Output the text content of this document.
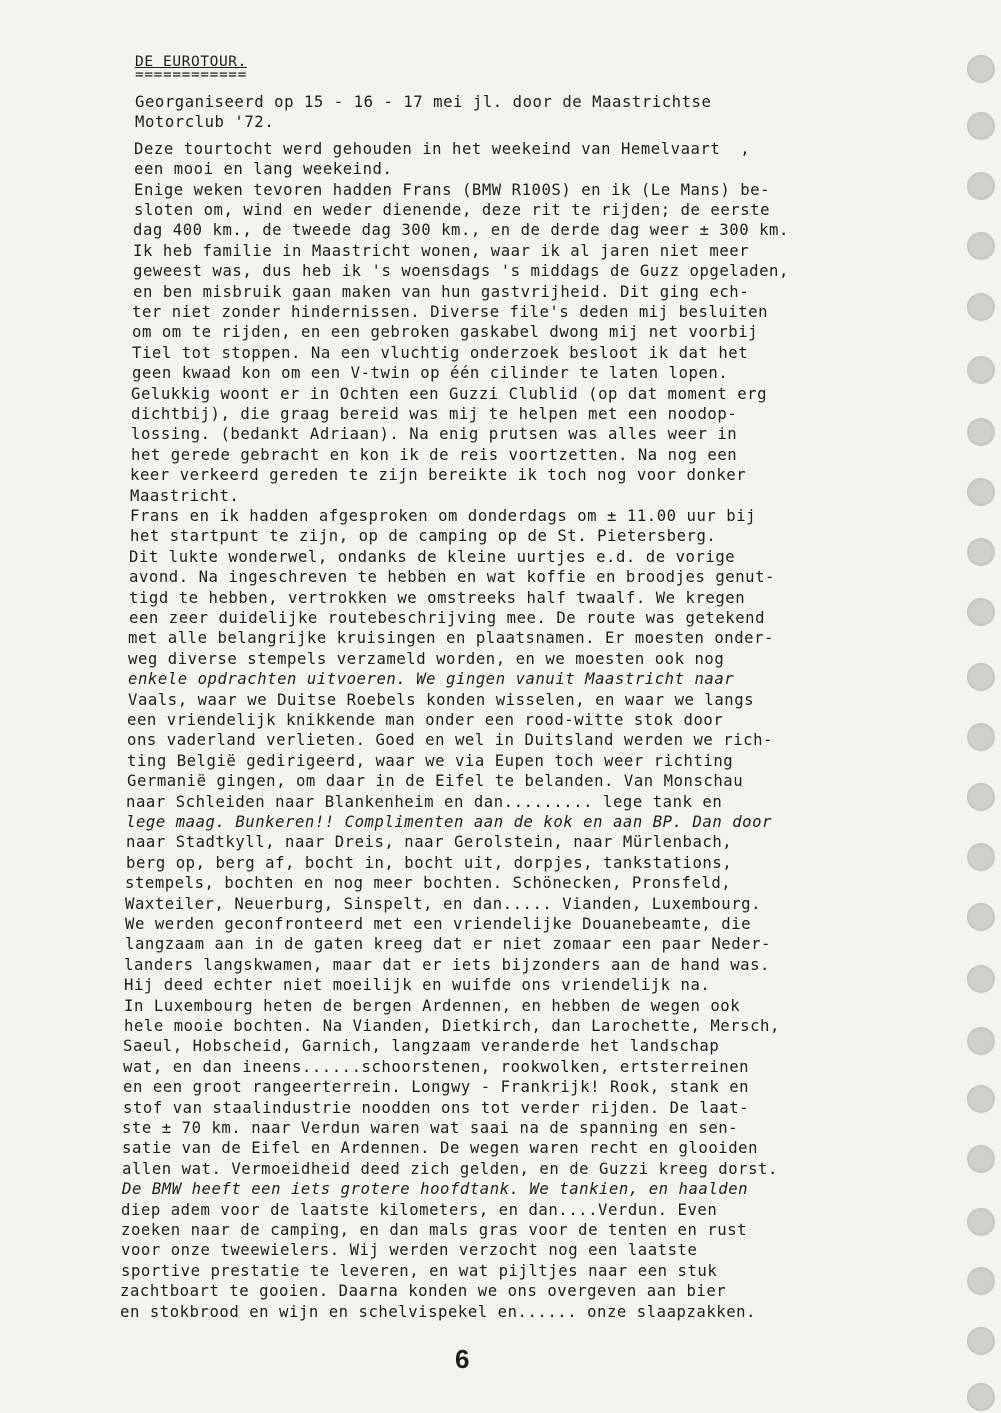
DE EUROTOUR.
============
Georganiseerd op 15 - 16 - 17 mei jl. door de Maastrichtse
Motorclub '72.
Deze tourtocht werd gehouden in het weekeind van Hemelvaart  ,
een mooi en lang weekeind.
Enige weken tevoren hadden Frans (BMW R100S) en ik (Le Mans) be-
sloten om, wind en weder dienende, deze rit te rijden; de eerste
dag 400 km., de tweede dag 300 km., en de derde dag weer ± 300 km.
Ik heb familie in Maastricht wonen, waar ik al jaren niet meer
geweest was, dus heb ik 's woensdags 's middags de Guzz opgeladen,
en ben misbruik gaan maken van hun gastvrijheid. Dit ging ech-
ter niet zonder hindernissen. Diverse file's deden mij besluiten
om om te rijden, en een gebroken gaskabel dwong mij net voorbij
Tiel tot stoppen. Na een vluchtig onderzoek besloot ik dat het
geen kwaad kon om een V-twin op één cilinder te laten lopen.
Gelukkig woont er in Ochten een Guzzi Clublid (op dat moment erg
dichtbij), die graag bereid was mij te helpen met een noodop-
lossing. (bedankt Adriaan). Na enig prutsen was alles weer in
het gerede gebracht en kon ik de reis voortzetten. Na nog een
keer verkeerd gereden te zijn bereikte ik toch nog voor donker
Maastricht.
Frans en ik hadden afgesproken om donderdags om ± 11.00 uur bij
het startpunt te zijn, op de camping op de St. Pietersberg.
Dit lukte wonderwel, ondanks de kleine uurtjes e.d. de vorige
avond. Na ingeschreven te hebben en wat koffie en broodjes genut-
tigd te hebben, vertrokken we omstreeks half twaalf. We kregen
een zeer duidelijke routebeschrijving mee. De route was getekend
met alle belangrijke kruisingen en plaatsnamen. Er moesten onder-
weg diverse stempels verzameld worden, en we moesten ook nog
enkele opdrachten uitvoeren. We gingen vanuit Maastricht naar
Vaals, waar we Duitse Roebels konden wisselen, en waar we langs
een vriendelijk knikkende man onder een rood-witte stok door
ons vaderland verlieten. Goed en wel in Duitsland werden we rich-
ting België gedirigeerd, waar we via Eupen toch weer richting
Germanië gingen, om daar in de Eifel te belanden. Van Monschau
naar Schleiden naar Blankenheim en dan......... lege tank en
lege maag. Bunkeren!! Complimenten aan de kok en aan BP. Dan door
naar Stadtkyll, naar Dreis, naar Gerolstein, naar Mürlenbach,
berg op, berg af, bocht in, bocht uit, dorpjes, tankstations,
stempels, bochten en nog meer bochten. Schönecken, Pronsfeld,
Waxteiler, Neuerburg, Sinspelt, en dan..... Vianden, Luxembourg.
We werden geconfronteerd met een vriendelijke Douanebeamte, die
langzaam aan in de gaten kreeg dat er niet zomaar een paar Neder-
landers langskwamen, maar dat er iets bijzonders aan de hand was.
Hij deed echter niet moeilijk en wuifde ons vriendelijk na.
In Luxembourg heten de bergen Ardennen, en hebben de wegen ook
hele mooie bochten. Na Vianden, Dietkirch, dan Larochette, Mersch,
Saeul, Hobscheid, Garnich, langzaam veranderde het landschap
wat, en dan ineens......schoorstenen, rookwolken, ertsterreinen
en een groot rangeerterrein. Longwy - Frankrijk! Rook, stank en
stof van staalindustrie noodden ons tot verder rijden. De laat-
ste ± 70 km. naar Verdun waren wat saai na de spanning en sen-
satie van de Eifel en Ardennen. De wegen waren recht en glooiden
allen wat. Vermoeidheid deed zich gelden, en de Guzzi kreeg dorst.
De BMW heeft een iets grotere hoofdtank. We tankien, en haalden
diep adem voor de laatste kilometers, en dan....Verdun. Even
zoeken naar de camping, en dan mals gras voor de tenten en rust
voor onze tweewielers. Wij werden verzocht nog een laatste
sportive prestatie te leveren, en wat pijltjes naar een stuk
zachtboart te gooien. Daarna konden we ons overgeven aan bier
en stokbrood en wijn en schelvispekel en...... onze slaapzakken.
6
